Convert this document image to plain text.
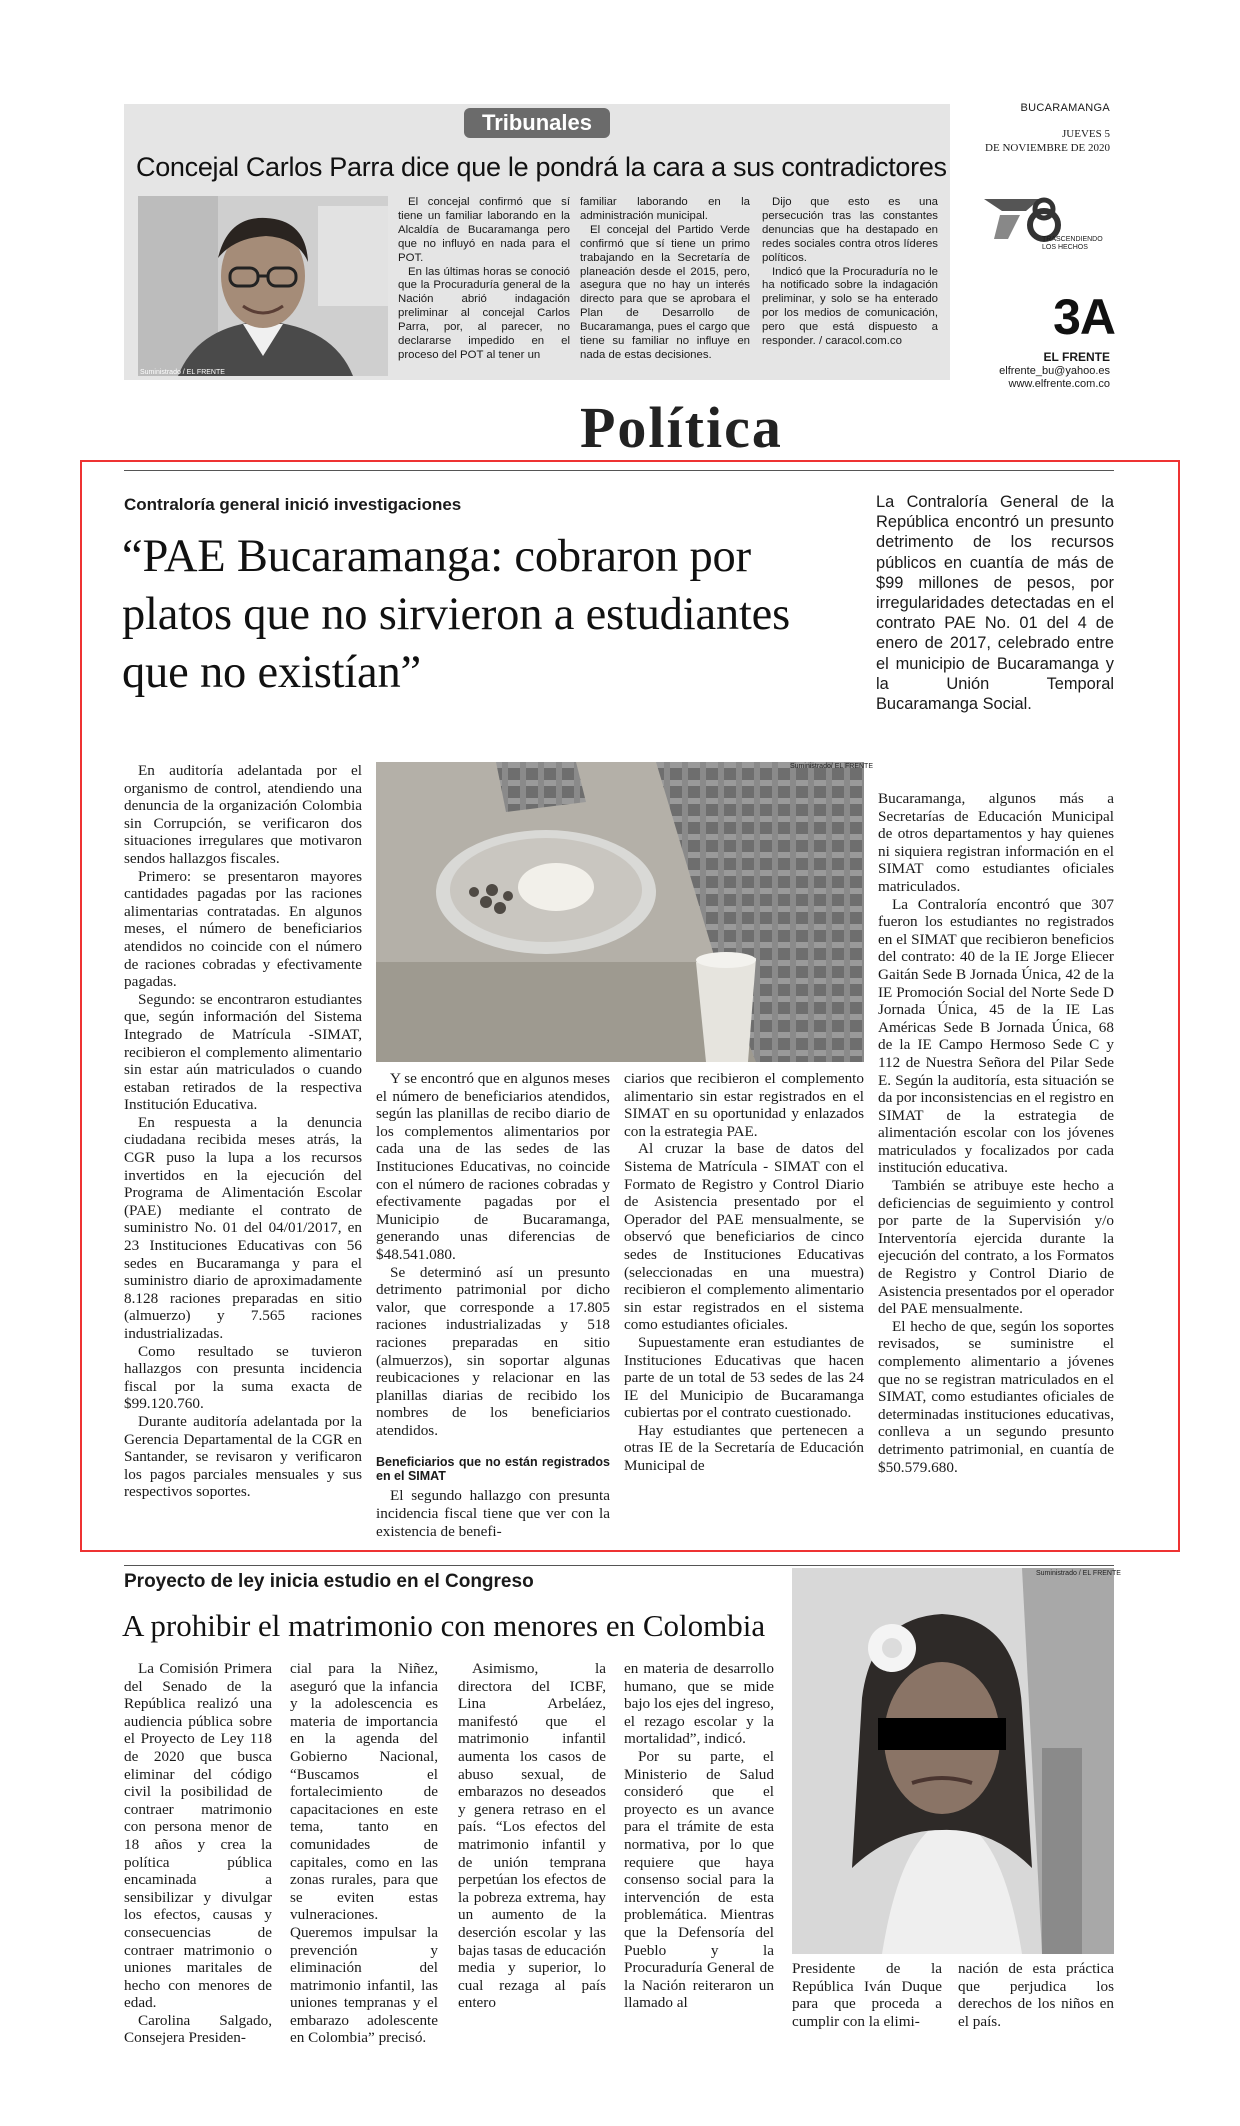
Tribunales
Concejal Carlos Parra dice que le pondrá la cara a sus contradictores
Suministrado / EL FRENTE

El concejal confirmó que sí tiene un familiar laborando en la Alcaldía de Bucaramanga pero que no influyó en nada para el POT.

En las últimas horas se conoció que la Procuraduría general de la Nación abrió indagación preliminar al concejal Carlos Parra, por, al parecer, no declararse impedido en el proceso del POT al tener un

familiar laborando en la administración municipal.

El concejal del Partido Verde confirmó que sí tiene un primo trabajando en la Secretaría de planeación desde el 2015, pero, asegura que no hay un interés directo para que se aprobara el Plan de Desarrollo de Bucaramanga, pues el cargo que tiene su familiar no influye en nada de estas decisiones.

Dijo que esto es una persecución tras las constantes denuncias que ha destapado en redes sociales contra otros líderes políticos.

Indicó que la Procuraduría no le ha notificado sobre la indagación preliminar, y solo se ha enterado por los medios de comunicación, pero que está dispuesto a responder. / caracol.com.co

BUCARAMANGA
JUEVES 5
DE NOVIEMBRE DE 2020
TRASCENDIENDO LOS HECHOS
3A
EL FRENTE
elfrente_bu@yahoo.es
www.elfrente.com.co
Política
Contraloría general inició investigaciones
“PAE Bucaramanga: cobraron por platos que no sirvieron a estudiantes que no existían”
La Contraloría General de la República encontró un presunto detrimento de los recursos públicos en cuantía de más de $99 millones de pesos, por irregularidades detectadas en el contrato PAE No. 01 del 4 de enero de 2017, celebrado entre el municipio de Bucaramanga y la Unión Temporal Bucaramanga Social.
Suministrado/ EL FRENTE

En auditoría adelantada por el organismo de control, atendiendo una denuncia de la organización Colombia sin Corrupción, se verificaron dos situaciones irregulares que motivaron sendos hallazgos fiscales.

Primero: se presentaron mayores cantidades pagadas por las raciones alimentarias contratadas. En algunos meses, el número de beneficiarios atendidos no coincide con el número de raciones cobradas y efectivamente pagadas.

Segundo: se encontraron estudiantes que, según información del Sistema Integrado de Matrícula -SIMAT, recibieron el complemento alimentario sin estar aún matriculados o cuando estaban retirados de la respectiva Institución Educativa.

En respuesta a la denuncia ciudadana recibida meses atrás, la CGR puso la lupa a los recursos invertidos en la ejecución del Programa de Alimentación Escolar (PAE) mediante el contrato de suministro No. 01 del 04/01/2017, en 23 Instituciones Educativas con 56 sedes en Bucaramanga y para el suministro diario de aproximadamente 8.128 raciones preparadas en sitio (almuerzo) y 7.565 raciones industrializadas.

Como resultado se tuvieron hallazgos con presunta incidencia fiscal por la suma exacta de $99.120.760.

Durante auditoría adelantada por la Gerencia Departamental de la CGR en Santander, se revisaron y verificaron los pagos parciales mensuales y sus respectivos soportes.

Y se encontró que en algunos meses el número de beneficiarios atendidos, según las planillas de recibo diario de los complementos alimentarios por cada una de las sedes de las Instituciones Educativas, no coincide con el número de raciones cobradas y efectivamente pagadas por el Municipio de Bucaramanga, generando unas diferencias de $48.541.080.

Se determinó así un presunto detrimento patrimonial por dicho valor, que corresponde a 17.805 raciones industrializadas y 518 raciones preparadas en sitio (almuerzos), sin soportar algunas reubicaciones y relacionar en las planillas diarias de recibido los nombres de los beneficiarios atendidos.

Beneficiarios que no están registrados en el SIMAT

El segundo hallazgo con presunta incidencia fiscal tiene que ver con la existencia de benefi-

ciarios que recibieron el complemento alimentario sin estar registrados en el SIMAT en su oportunidad y enlazados con la estrategia PAE.

Al cruzar la base de datos del Sistema de Matrícula - SIMAT con el Formato de Registro y Control Diario de Asistencia presentado por el Operador del PAE mensualmente, se observó que beneficiarios de cinco sedes de Instituciones Educativas (seleccionadas en una muestra) recibieron el complemento alimentario sin estar registrados en el sistema como estudiantes oficiales.

Supuestamente eran estudiantes de Instituciones Educativas que hacen parte de un total de 53 sedes de las 24 IE del Municipio de Bucaramanga cubiertas por el contrato cuestionado.

Hay estudiantes que pertenecen a otras IE de la Secretaría de Educación Municipal de

Bucaramanga, algunos más a Secretarías de Educación Municipal de otros departamentos y hay quienes ni siquiera registran información en el SIMAT como estudiantes oficiales matriculados.

La Contraloría encontró que 307 fueron los estudiantes no registrados en el SIMAT que recibieron beneficios del contrato: 40 de la IE Jorge Eliecer Gaitán Sede B Jornada Única, 42 de la IE Promoción Social del Norte Sede D Jornada Única, 45 de la IE Las Américas Sede B Jornada Única, 68 de la IE Campo Hermoso Sede C y 112 de Nuestra Señora del Pilar Sede E. Según la auditoría, esta situación se da por inconsistencias en el registro en SIMAT de la estrategia de alimentación escolar con los jóvenes matriculados y focalizados por cada institución educativa.

También se atribuye este hecho a deficiencias de seguimiento y control por parte de la Supervisión y/o Interventoría ejercida durante la ejecución del contrato, a los Formatos de Registro y Control Diario de Asistencia presentados por el operador del PAE mensualmente.

El hecho de que, según los soportes revisados, se suministre el complemento alimentario a jóvenes que no se registran matriculados en el SIMAT, como estudiantes oficiales de determinadas instituciones educativas, conlleva a un segundo presunto detrimento patrimonial, en cuantía de $50.579.680.

Proyecto de ley inicia estudio en el Congreso
A prohibir el matrimonio con menores en Colombia
Suministrado / EL FRENTE

La Comisión Primera del Senado de la República realizó una audiencia pública sobre el Proyecto de Ley 118 de 2020 que busca eliminar del código civil la posibilidad de contraer matrimonio con persona menor de 18 años y crea la política pública encaminada a sensibilizar y divulgar los efectos, causas y consecuencias de contraer matrimonio o uniones maritales de hecho con menores de edad.

Carolina Salgado, Consejera Presiden-

cial para la Niñez, aseguró que la infancia y la adolescencia es materia de importancia en la agenda del Gobierno Nacional, “Buscamos el fortalecimiento de capacitaciones en este tema, tanto en comunidades de capitales, como en las zonas rurales, para que se eviten estas vulneraciones. Queremos impulsar la prevención y eliminación del matrimonio infantil, las uniones tempranas y el embarazo adolescente en Colombia” precisó.

Asimismo, la directora del ICBF, Lina Arbeláez, manifestó que el matrimonio infantil aumenta los casos de abuso sexual, de embarazos no deseados y genera retraso en el país. “Los efectos del matrimonio infantil y de unión temprana perpetúan los efectos de la pobreza extrema, hay un aumento de la deserción escolar y las bajas tasas de educación media y superior, lo cual rezaga al país entero

en materia de desarrollo humano, que se mide bajo los ejes del ingreso, el rezago escolar y la mortalidad”, indicó.

Por su parte, el Ministerio de Salud consideró que el proyecto es un avance para el trámite de esta normativa, por lo que requiere que haya consenso social para la intervención de esta problemática. Mientras que la Defensoría del Pueblo y la Procuraduría General de la Nación reiteraron un llamado al

Presidente de la República Iván Duque para que proceda a cumplir con la elimi-

nación de esta práctica que perjudica los derechos de los niños en el país.
